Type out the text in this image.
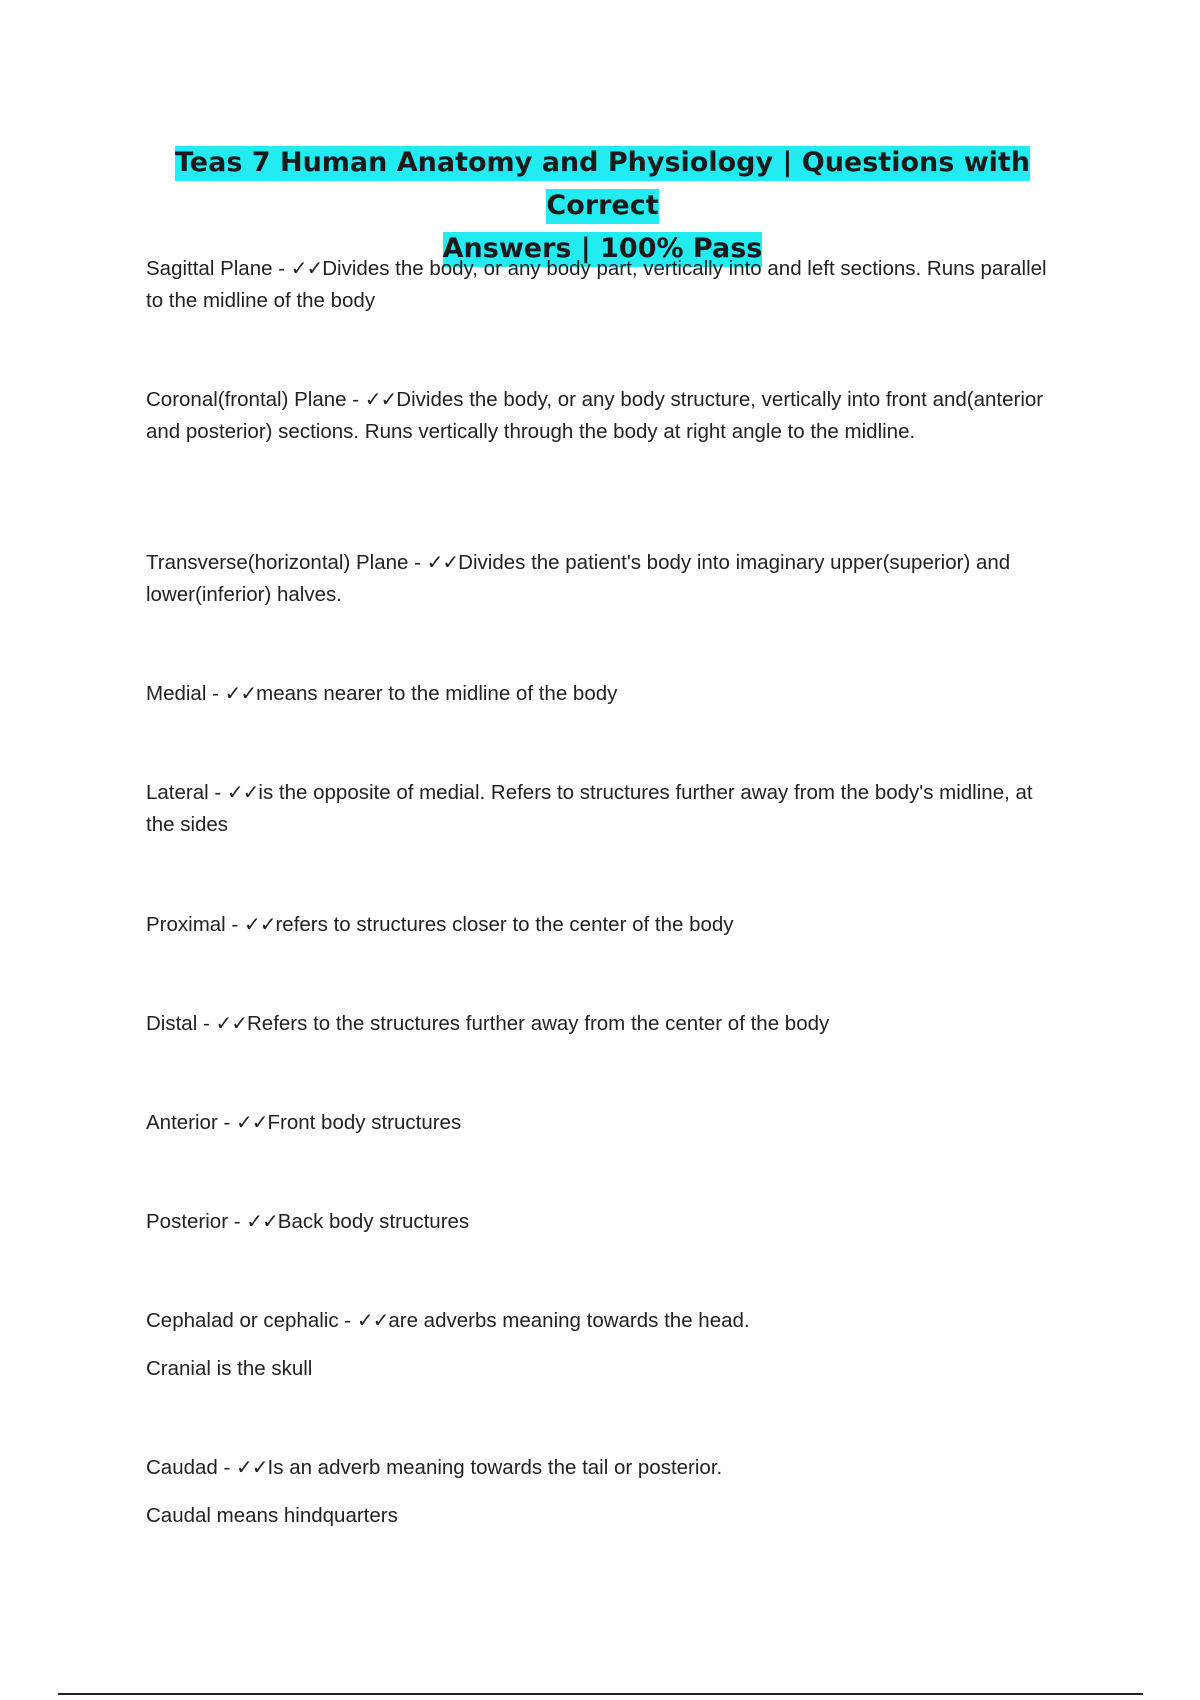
Teas 7 Human Anatomy and Physiology | Questions with Correct
Answers | 100% Pass

Sagittal Plane - ✓✓Divides the body, or any body part, vertically into and left sections. Runs parallel to the midline of the body

Coronal(frontal) Plane - ✓✓Divides the body, or any body structure, vertically into front and(anterior and posterior) sections. Runs vertically through the body at right angle to the midline.

Transverse(horizontal) Plane - ✓✓Divides the patient's body into imaginary upper(superior) and lower(inferior) halves.

Medial - ✓✓means nearer to the midline of the body

Lateral - ✓✓is the opposite of medial. Refers to structures further away from the body's midline, at the sides

Proximal - ✓✓refers to structures closer to the center of the body

Distal - ✓✓Refers to the structures further away from the center of the body

Anterior - ✓✓Front body structures

Posterior - ✓✓Back body structures

Cephalad or cephalic - ✓✓are adverbs meaning towards the head.

Cranial is the skull

Caudad - ✓✓Is an adverb meaning towards the tail or posterior.

Caudal means hindquarters
